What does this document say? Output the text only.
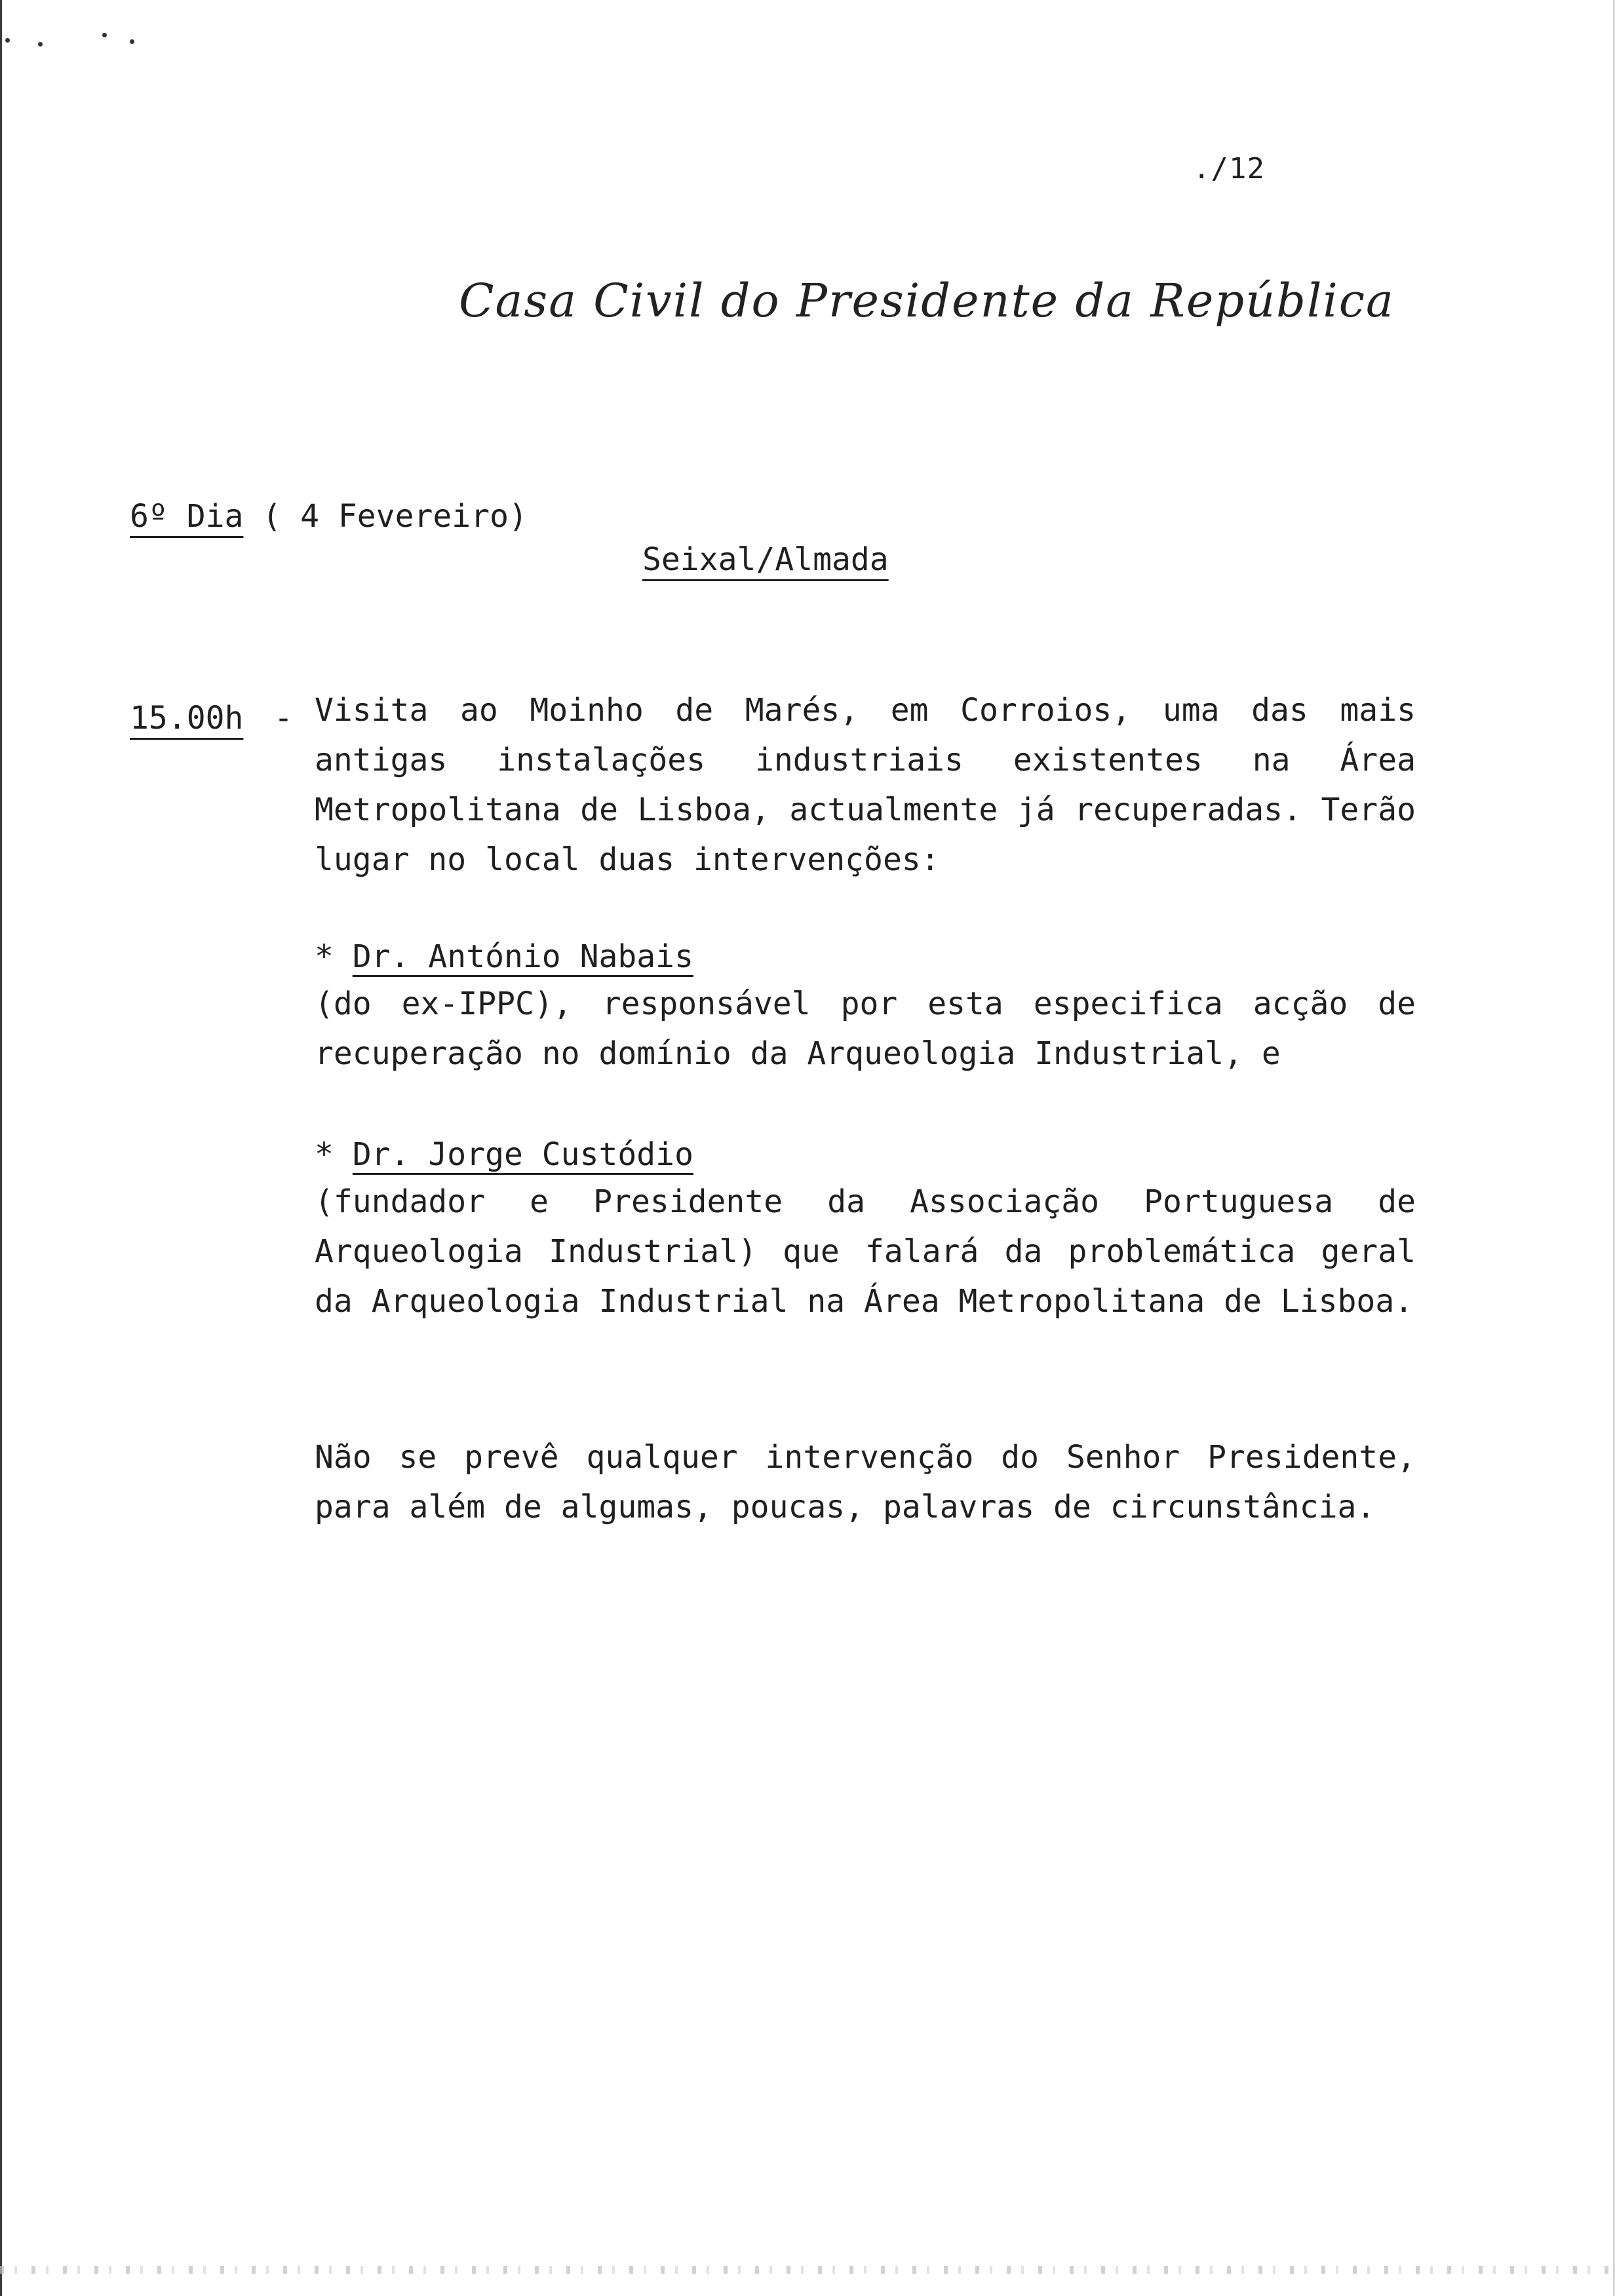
./12
Casa Civil do Presidente da República
6º Dia ( 4 Fevereiro)
Seixal/Almada
15.00h - Visita ao Moinho de Marés, em Corroios, uma das mais antigas instalações industriais existentes na Área Metropolitana de Lisboa, actualmente já recuperadas. Terão lugar no local duas intervenções:
* Dr. António Nabais
(do ex-IPPC), responsável por esta especifica acção de recuperação no domínio da Arqueologia Industrial, e
* Dr. Jorge Custódio
(fundador e Presidente da Associação Portuguesa de Arqueologia Industrial) que falará da problemática geral da Arqueologia Industrial na Área Metropolitana de Lisboa.
Não se prevê qualquer intervenção do Senhor Presidente, para além de algumas, poucas, palavras de circunstância.
